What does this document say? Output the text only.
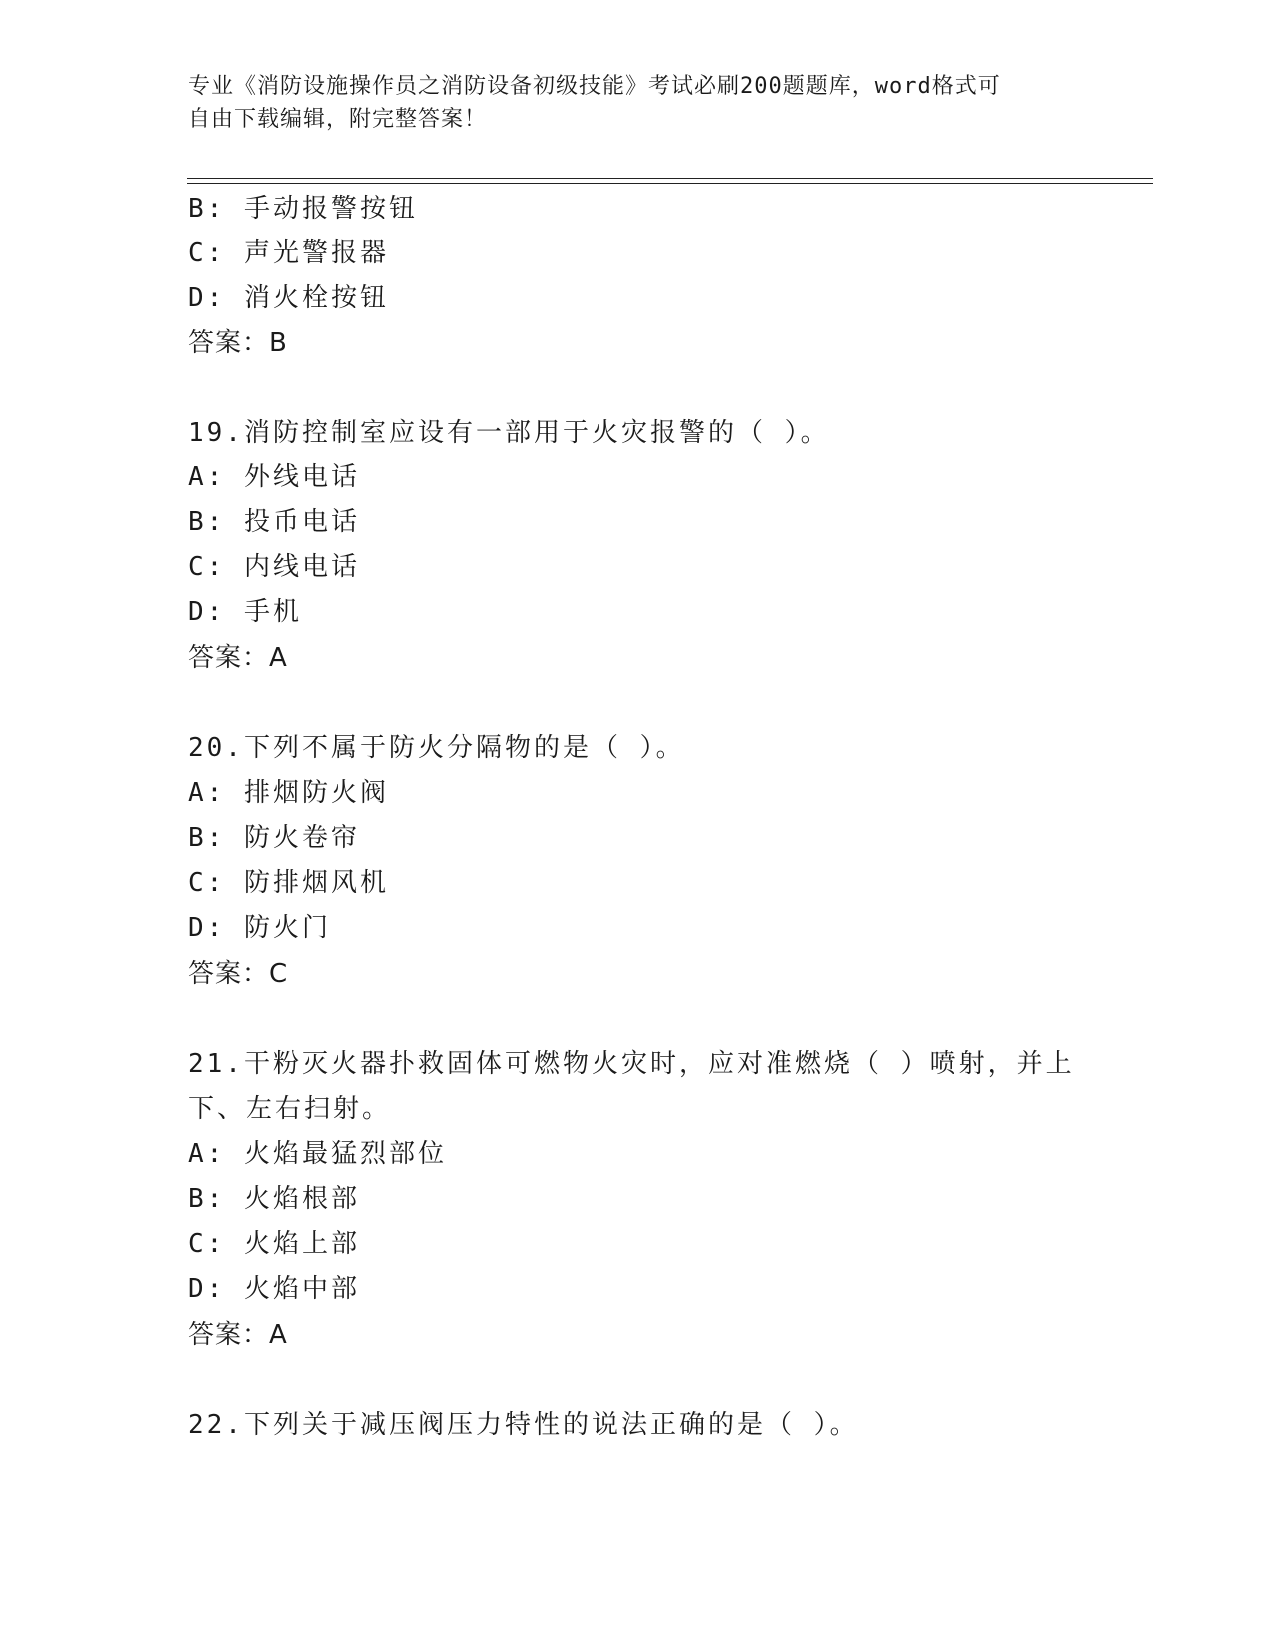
专业《消防设施操作员之消防设备初级技能》考试必刷200题题库，word格式可
自由下载编辑，附完整答案！
B: 手动报警按钮
C: 声光警报器
D: 消火栓按钮
答案：B
19.消防控制室应设有一部用于火灾报警的（ ）。
A: 外线电话
B: 投币电话
C: 内线电话
D: 手机
答案：A
20.下列不属于防火分隔物的是（ ）。
A: 排烟防火阀
B: 防火卷帘
C: 防排烟风机
D: 防火门
答案：C
21.干粉灭火器扑救固体可燃物火灾时，应对准燃烧（ ）喷射，并上
下、左右扫射。
A: 火焰最猛烈部位
B: 火焰根部
C: 火焰上部
D: 火焰中部
答案：A
22.下列关于减压阀压力特性的说法正确的是（ ）。
